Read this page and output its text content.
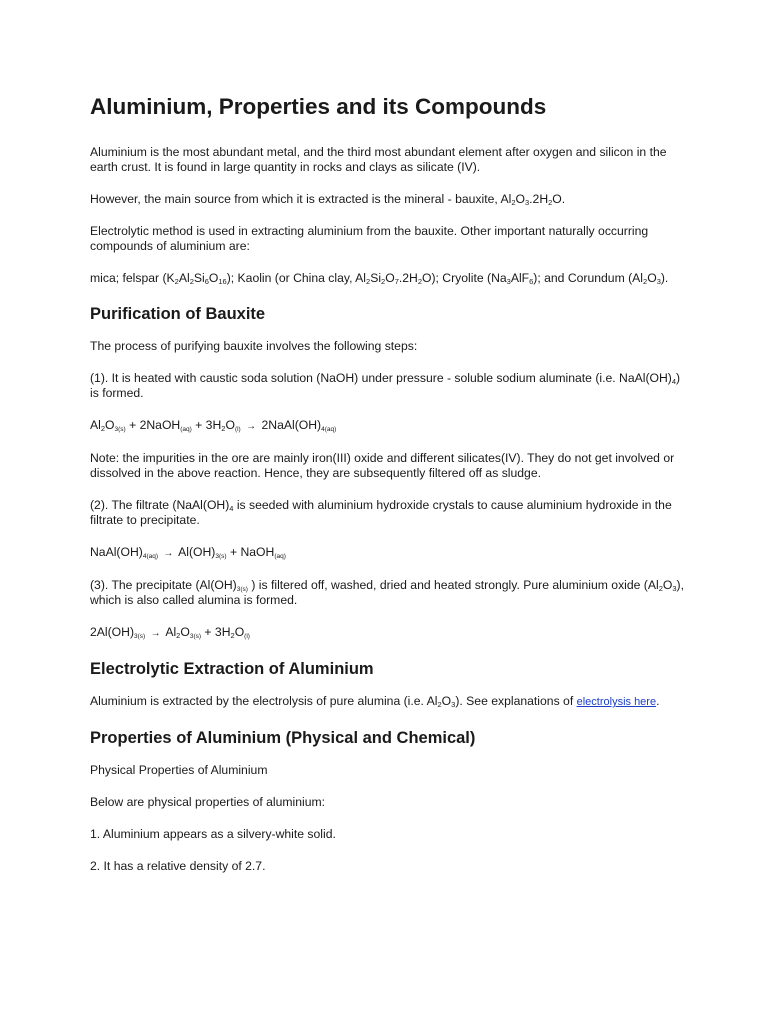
Aluminium, Properties and its Compounds

Aluminium is the most abundant metal, and the third most abundant element after oxygen and silicon in the earth crust. It is found in large quantity in rocks and clays as silicate (IV).

However, the main source from which it is extracted is the mineral - bauxite, $Al_2O_3.2H_2O$.

Electrolytic method is used in extracting aluminium from the bauxite. Other important naturally occurring compounds of aluminium are:

mica; felspar $(K_2Al_2Si_6O_{16})$; Kaolin (or China clay, $Al_2Si_2O_7.2H_2O$); Cryolite $(Na_3AlF_6)$; and Corundum $(Al_2O_3)$.

Purification of Bauxite

The process of purifying bauxite involves the following steps:

(1). It is heated with caustic soda solution (NaOH) under pressure - soluble sodium aluminate (i.e. $NaAl(OH)_4$) is formed.

$Al_2O_{3(s)}$ + 2NaOH$_{(aq)}$ + $3H_2O_{(l)}$ → $2NaAl(OH)_{4(aq)}$

Note: the impurities in the ore are mainly iron(III) oxide and different silicates(IV). They do not get involved or dissolved in the above reaction. Hence, they are subsequently filtered off as sludge.

(2). The filtrate ($NaAl(OH)_4$ is seeded with aluminium hydroxide crystals to cause aluminium hydroxide in the filtrate to precipitate.

$NaAl(OH)_{4(aq)} \to Al(OH)_{3(s)}$ + NaOH$_{(aq)}$

(3). The precipitate ($Al(OH)_{3(s)}$ ) is filtered off, washed, dried and heated strongly. Pure aluminium oxide $(Al_2O_3)$, which is also called alumina is formed.

$2Al(OH)_{3(s)} \to Al_2O_{3(s)} + 3H_2O_{(l)}$

Electrolytic Extraction of Aluminium

Aluminium is extracted by the electrolysis of pure alumina (i.e. $Al_2O_3$). See explanations of electrolysis here.

Properties of Aluminium (Physical and Chemical)

Physical Properties of Aluminium

Below are physical properties of aluminium:

1. Aluminium appears as a silvery-white solid.

2. It has a relative density of 2.7.
